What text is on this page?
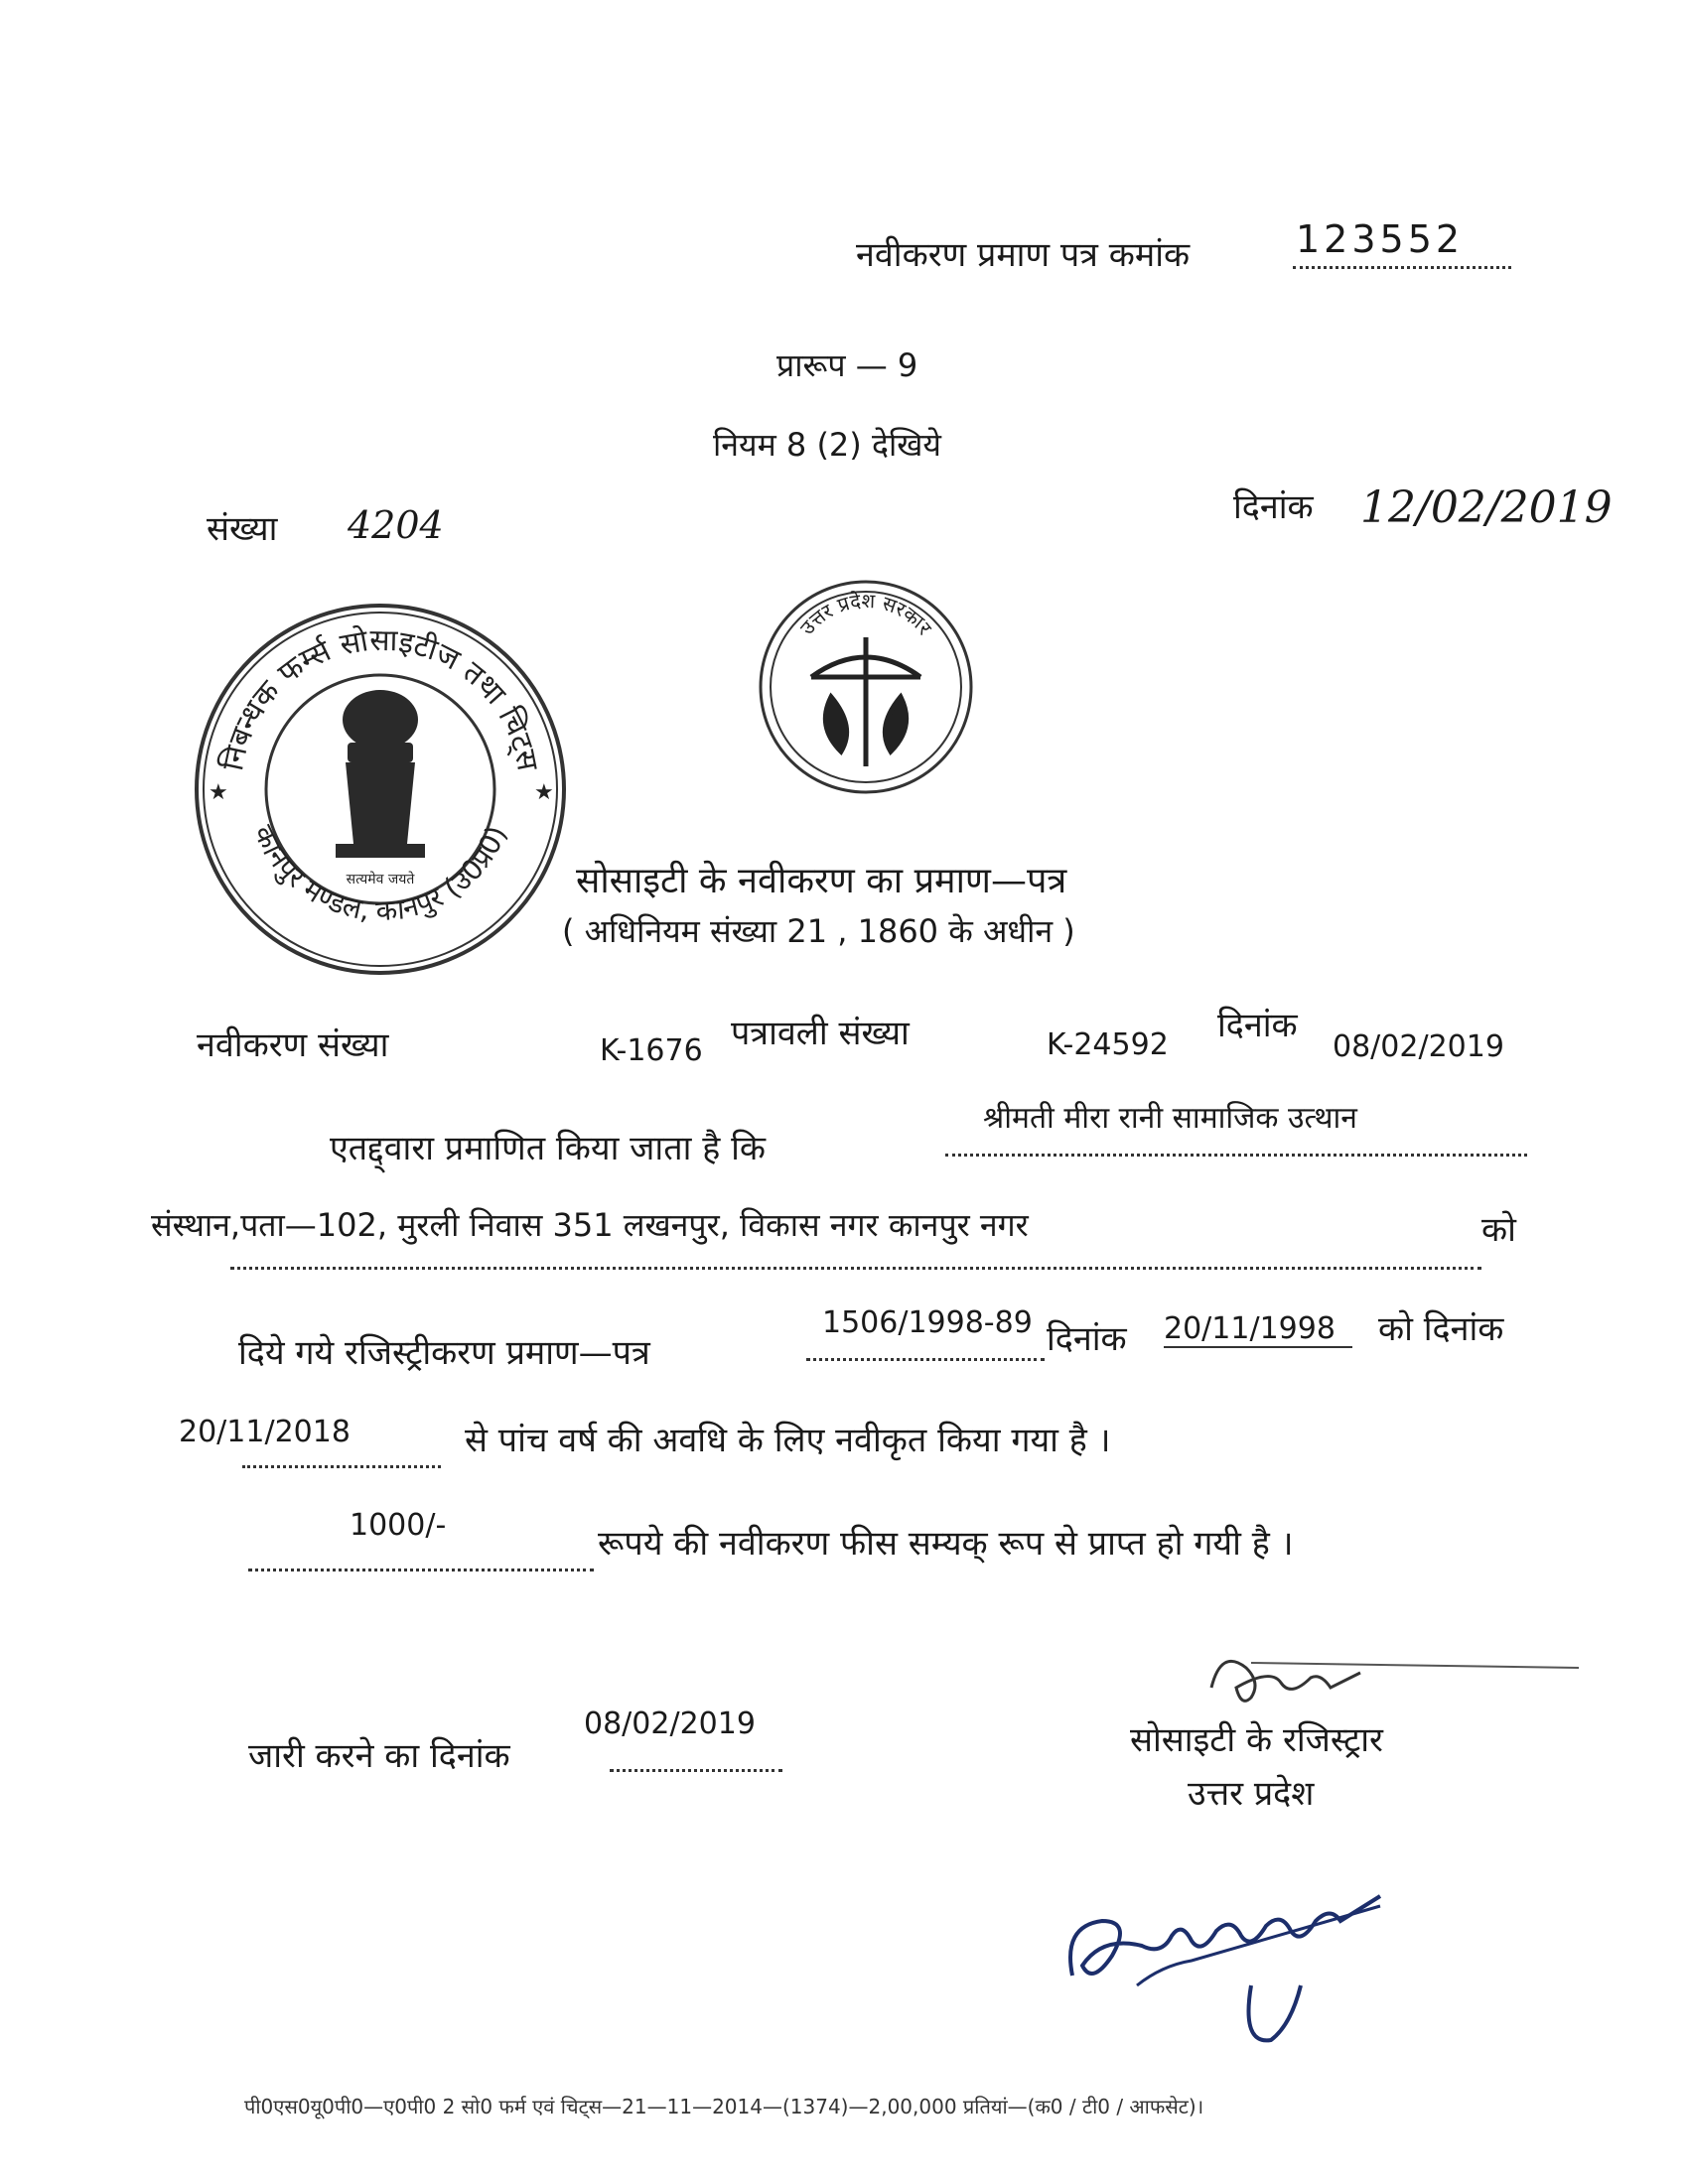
नवीकरण प्रमाण पत्र कमांक	123552
प्रारूप — 9
नियम 8 (2) देखिये
संख्या 4204	दिनांक 12/02/2019
निबन्धक फर्म्स सोसाइटीज तथा चिट्स
कानपुर मण्डल, कानपुर (उ0प्र0)
★	★
सत्यमेव जयते
उत्तर प्रदेश सरकार
सोसाइटी के नवीकरण का प्रमाण—पत्र
( अधिनियम संख्या 21 , 1860 के अधीन )
नवीकरण संख्या	K-1676 पत्रावली संख्या	K-24592 दिनांक
08/02/2019
एतद्द्वारा प्रमाणित किया जाता है कि
श्रीमती मीरा रानी सामाजिक उत्थान
संस्थान,पता—102, मुरली निवास 351 लखनपुर, विकास नगर कानपुर नगर	को
दिये गये रजिस्ट्रीकरण प्रमाण—पत्र
1506/1998-89 दिनांक 20/11/1998 को दिनांक
20/11/2018	से पांच वर्ष की अवधि के लिए नवीकृत किया गया है ।
1000/-	रूपये की नवीकरण फीस सम्यक् रूप से प्राप्त हो गयी है ।
जारी करने का दिनांक
08/02/2019	सोसाइटी के रजिस्ट्रार
उत्तर प्रदेश
पी0एस0यू0पी0—ए0पी0 2 सो0 फर्म एवं चिट्स—21—11—2014—(1374)—2,00,000 प्रतियां—(क0 / टी0 / आफसेट)।
